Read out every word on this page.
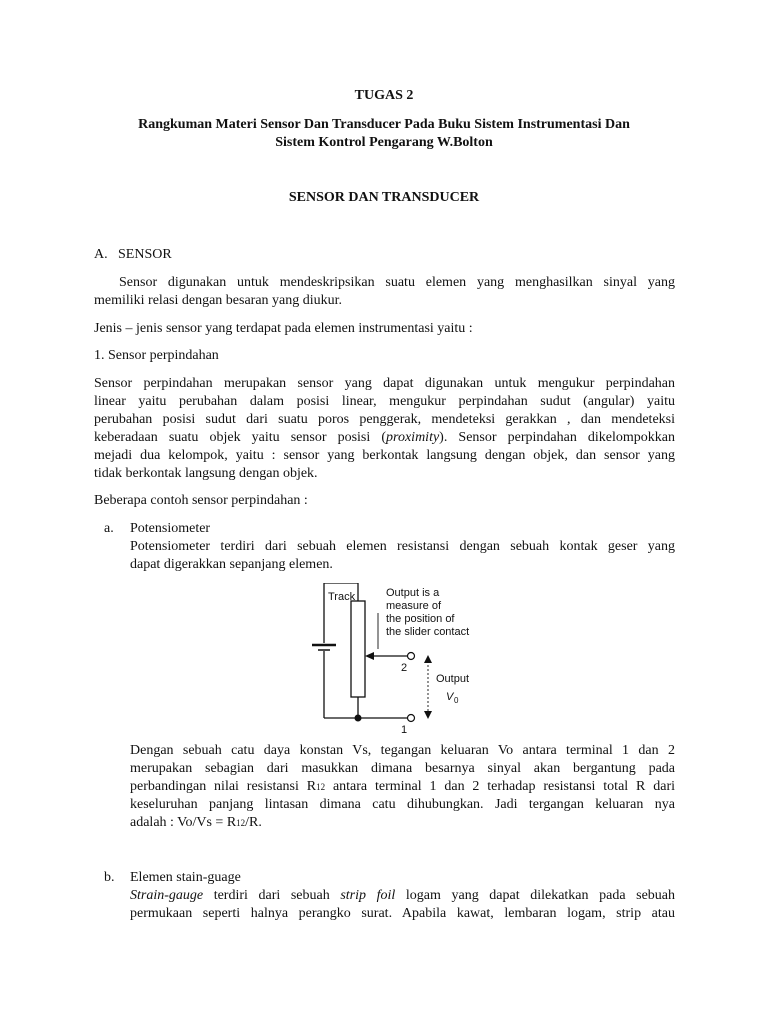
TUGAS 2
Rangkuman Materi Sensor Dan Transducer Pada Buku Sistem Instrumentasi Dan
Sistem Kontrol Pengarang W.Bolton
SENSOR DAN TRANSDUCER
A. SENSOR
Sensor digunakan untuk mendeskripsikan suatu elemen yang menghasilkan sinyal yang
memiliki relasi dengan besaran yang diukur.
Jenis – jenis sensor yang terdapat pada elemen instrumentasi yaitu :
1. Sensor perpindahan
Sensor perpindahan merupakan sensor yang dapat digunakan untuk mengukur perpindahan
linear yaitu perubahan dalam posisi linear, mengukur perpindahan sudut (angular) yaitu
perubahan posisi sudut dari suatu poros penggerak, mendeteksi gerakkan , dan mendeteksi
keberadaan suatu objek yaitu sensor posisi (proximity). Sensor perpindahan dikelompokkan
mejadi dua kelompok, yaitu : sensor yang berkontak langsung dengan objek, dan sensor yang
tidak berkontak langsung dengan objek.
Beberapa contoh sensor perpindahan :
a. Potensiometer
Potensiometer terdiri dari sebuah elemen resistansi dengan sebuah kontak geser yang
dapat digerakkan sepanjang elemen.
Track	Output is a
measure of
the position of
the slider contact
2
1
Output
V 0
Dengan sebuah catu daya konstan Vs, tegangan keluaran Vo antara terminal 1 dan 2
merupakan sebagian dari masukkan dimana besarnya sinyal akan bergantung pada
perbandingan nilai resistansi R12 antara terminal 1 dan 2 terhadap resistansi total R dari
keseluruhan panjang lintasan dimana catu dihubungkan. Jadi tergangan keluaran nya
adalah : Vo/Vs = R12/R.
b. Elemen stain-guage
Strain-gauge terdiri dari sebuah strip foil logam yang dapat dilekatkan pada sebuah
permukaan seperti halnya perangko surat. Apabila kawat, lembaran logam, strip atau
